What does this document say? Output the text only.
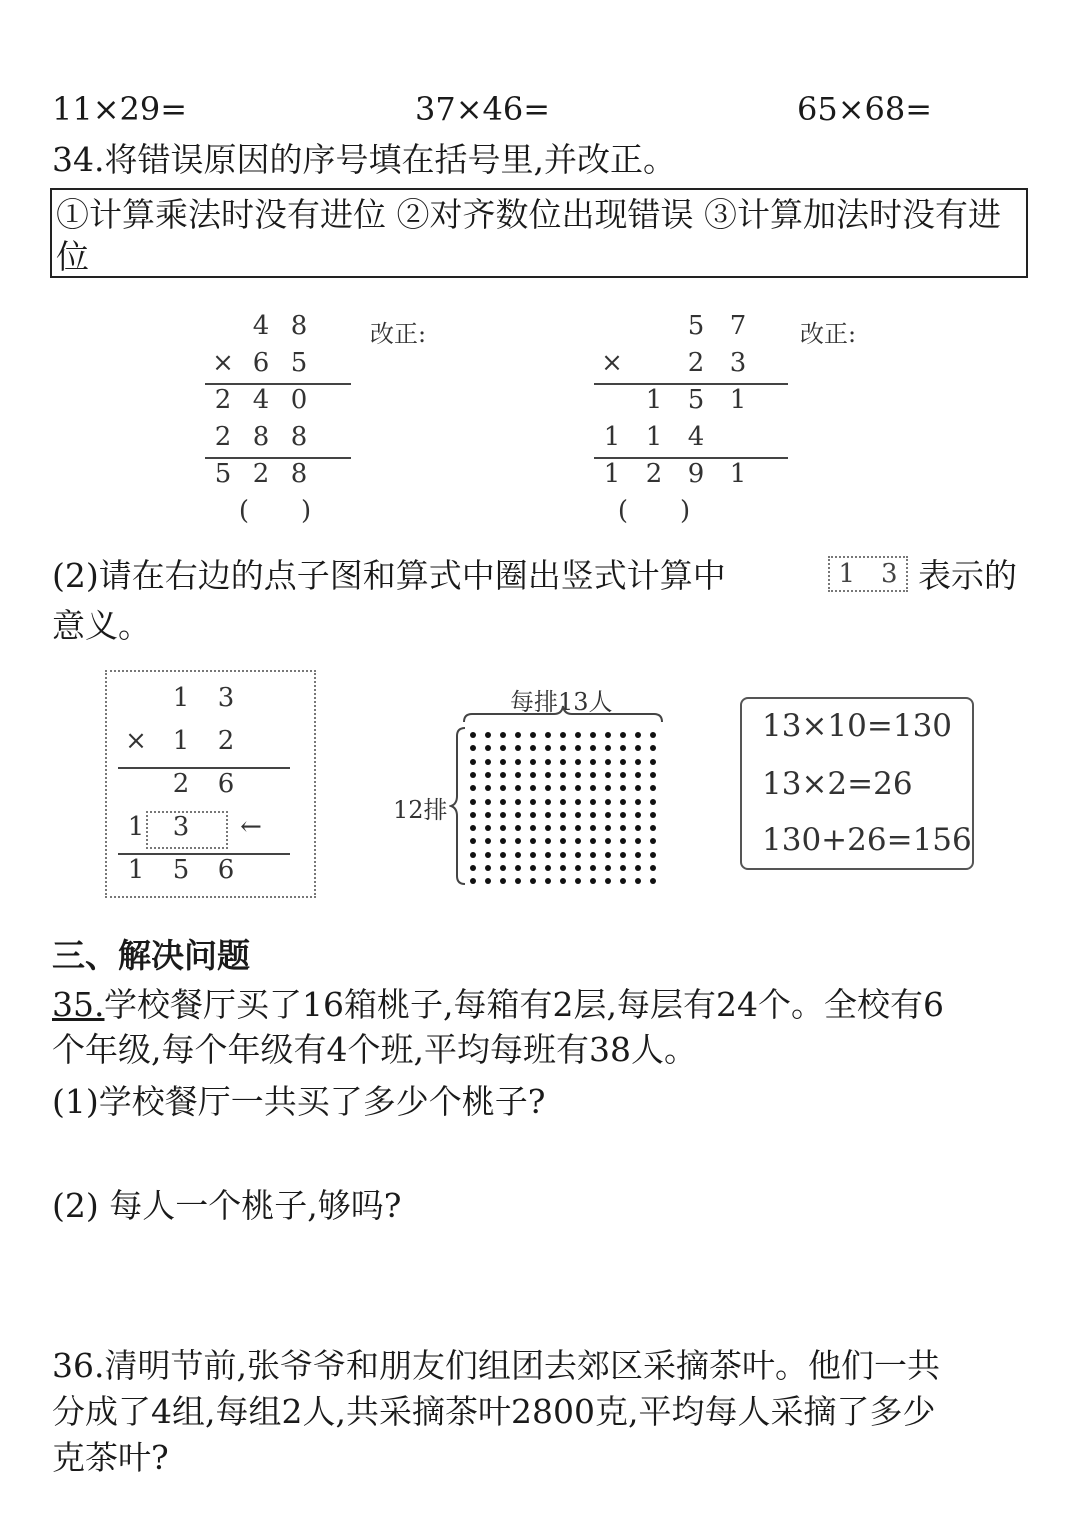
11×29=	37×46=	65×68=
34.将错误原因的序号填在括号里,并改正。
①计算乘法时没有进位 ②对齐数位出现错误 ③计算加法时没有进位
4 8
× 6 5
2 4 0
2 8 8
5 2 8
(　　)
改正:	5 7
×	2 3
1 5 1
1 1 4
1 2 9 1
(　　)
改正:
(2)请在右边的点子图和算式中圈出竖式计算中	1　3 表示的
意义。
1	3
× 1	2
2	6
1	3
1	5	6
←
每排13人
12排
13×10=130
13×2=26
130+26=156
三、解决问题
35. 学校餐厅买了16箱桃子,每箱有2层,每层有24个。全校有6
个年级,每个年级有4个班,平均每班有38人。
(1)学校餐厅一共买了多少个桃子?
(2) 每人一个桃子,够吗?
36.清明节前,张爷爷和朋友们组团去郊区采摘茶叶。他们一共
分成了4组,每组2人,共采摘茶叶2800克,平均每人采摘了多少
克茶叶?
